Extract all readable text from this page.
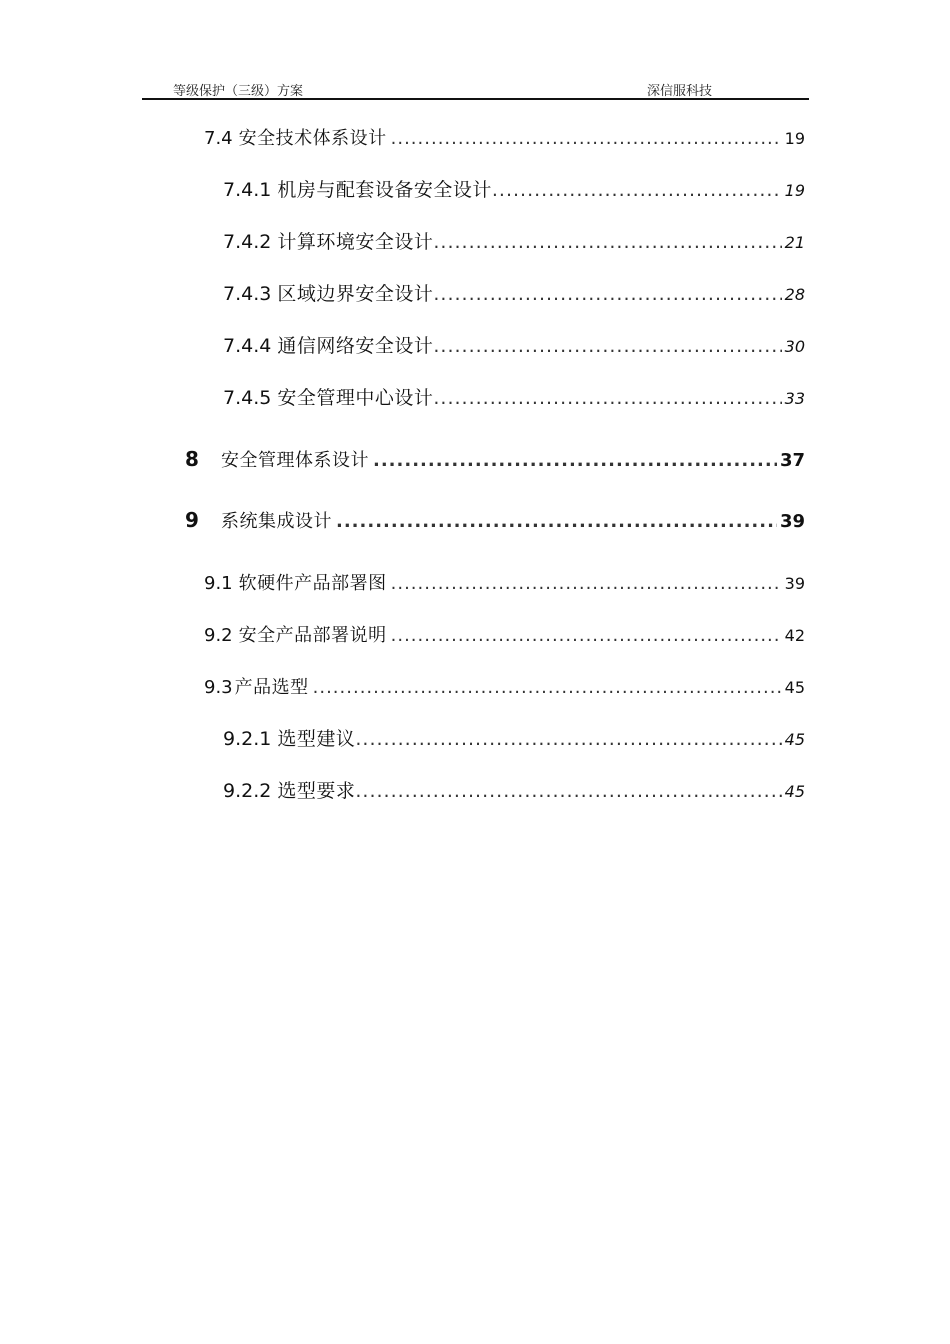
等级保护（三级）方案	深信服科技
7.4 安全技术体系设计 .....	19
7.4.1 机房与配套设备安全设计 .....	19
7.4.2 计算环境安全设计 .....	21
7.4.3 区域边界安全设计 .....	28
7.4.4 通信网络安全设计 .....	30
7.4.5 安全管理中心设计 .....	33
8	安全管理体系设计 .....	37
9	系统集成设计 .....	39
9.1 软硬件产品部署图 .....	39
9.2 安全产品部署说明 .....	42
9.3 产品选型 .....	45
9.2.1 选型建议 .....	45
9.2.2 选型要求 .....	45
